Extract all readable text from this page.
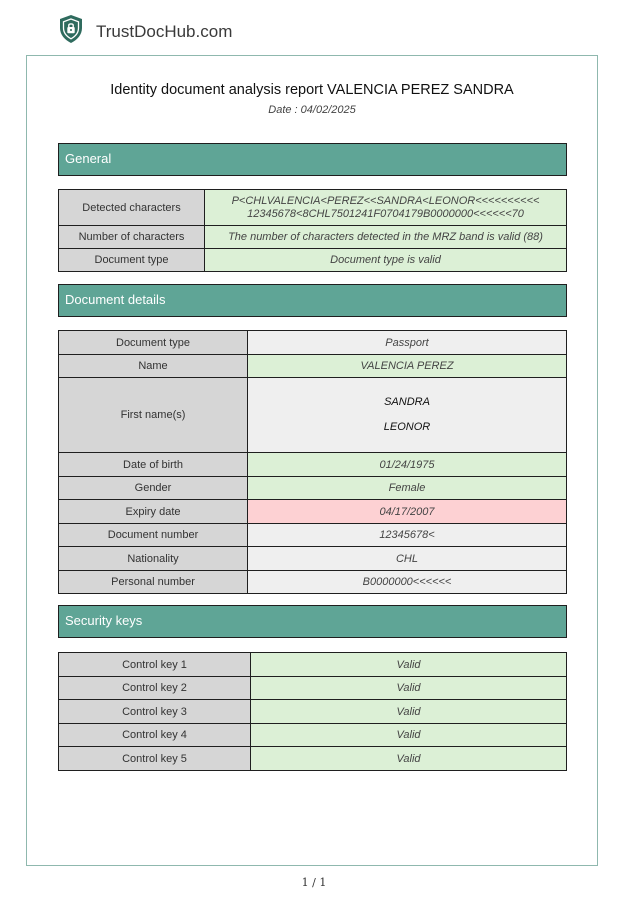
TrustDocHub.com
Identity document analysis report VALENCIA PEREZ SANDRA
Date : 04/02/2025
General
Detected characters	P<CHLVALENCIA<PEREZ<<SANDRA<LEONOR<<<<<<<<<<
12345678<8CHL7501241F0704179B0000000<<<<<<70

Number of characters	The number of characters detected in the MRZ band is valid (88)
Document type	Document type is valid
Document details
Document type	Passport
Name	VALENCIA PEREZ
First name(s)	SANDRA
LEONOR

Date of birth	01/24/1975
Gender	Female
Expiry date	04/17/2007
Document number	12345678<
Nationality	CHL
Personal number	B0000000<<<<<<
Security keys
Control key 1	Valid
Control key 2	Valid
Control key 3	Valid
Control key 4	Valid
Control key 5	Valid
1 / 1
